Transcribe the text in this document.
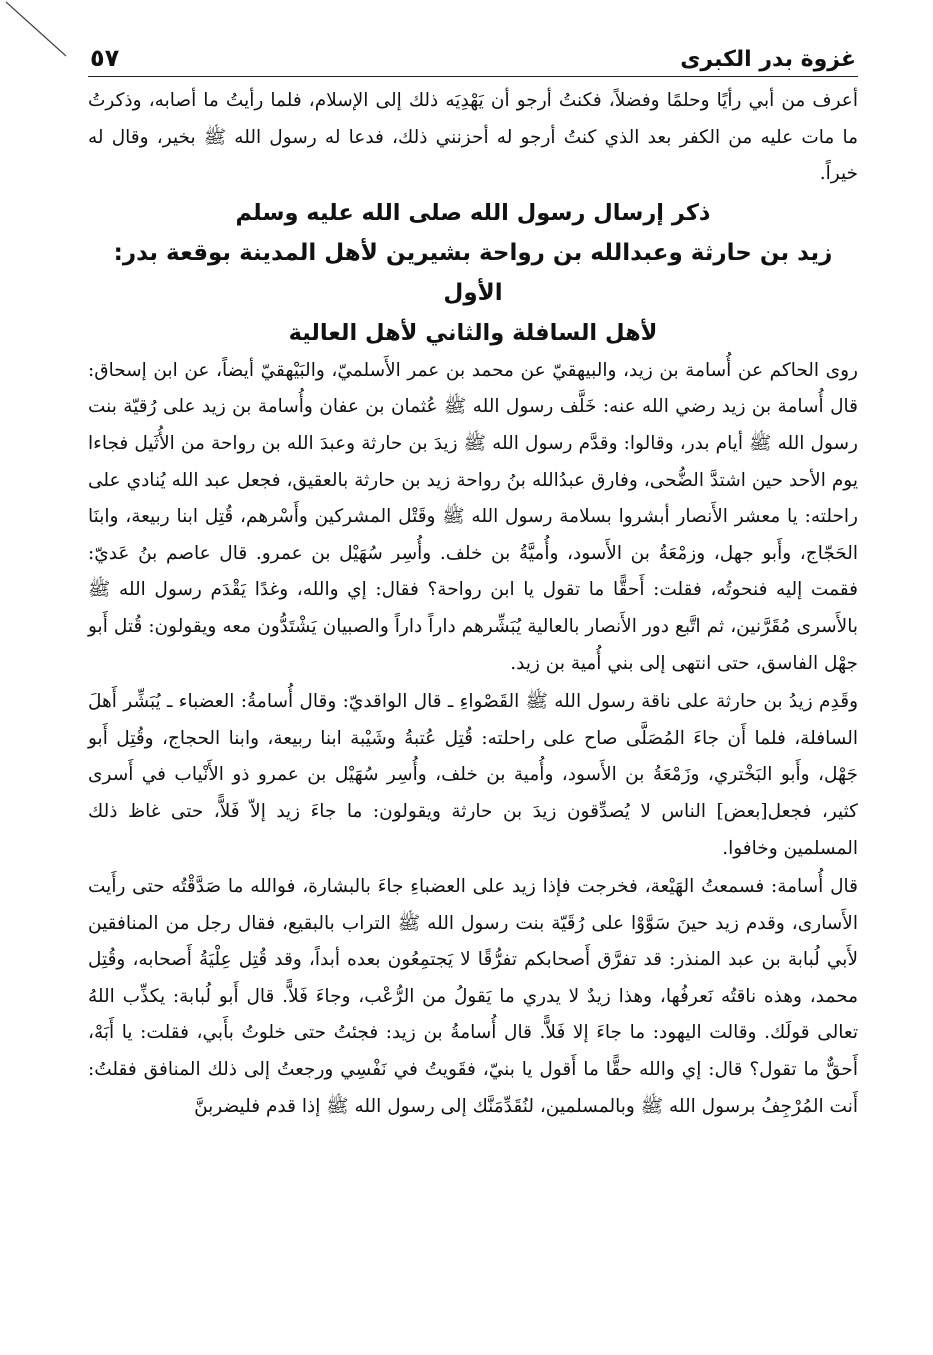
غزوة بدر الكبرى
٥٧

أعرف من أبي رأيًا وحلمًا وفضلاً، فكنتُ أرجو أن يَهْدِيَه ذلك إلى الإسلام، فلما رأيتُ ما أصابه، وذكرتُ ما مات عليه من الكفر بعد الذي كنتُ أرجو له أحزنني ذلك، فدعا له رسول الله ﷺ بخير، وقال له خيراً.

ذكر إرسال رسول الله صلى الله عليه وسلم

زيد بن حارثة وعبدالله بن رواحة بشيرين لأهل المدينة بوقعة بدر: الأول

لأهل السافلة والثاني لأهل العالية

روى الحاكم عن أُسامة بن زيد، والبيهقيّ عن محمد بن عمر الأَسلميّ، والبَيْهقيّ أيضاً، عن ابن إسحاق: قال أُسامة بن زيد رضي الله عنه: خَلَّف رسول الله ﷺ عُثمان بن عفان وأُسامة بن زيد على رُقيّة بنت رسول الله ﷺ أيام بدر، وقالوا: وقدَّم رسول الله ﷺ زيدَ بن حارثة وعبدَ الله بن رواحة من الأُثَيل فجاءا يوم الأحد حين اشتدَّ الضُّحى، وفارق عبدُالله بنُ رواحة زيد بن حارثة بالعقيق، فجعل عبد الله يُنادي على راحلته: يا معشر الأَنصار أبشروا بسلامة رسول الله ﷺ وقَتْل المشركين وأَسْرهم، قُتِل ابنا ربيعة، وابنَا الحَجّاج، وأَبو جهل، وزمْعَةُ بن الأَسود، وأُميَّةُ بن خلف. وأُسِر سُهَيْل بن عمرو. قال عاصم بنُ عَديّ: فقمت إليه فنحوتُه، فقلت: أَحقًّا ما تقول يا ابن رواحة؟ فقال: إي والله، وغدًا يَقْدَم رسول الله ﷺ بالأَسرى مُقَرَّنين، ثم اتَّبع دور الأَنصار بالعالية يُبَشِّرهم داراً داراً والصبيان يَشْتَدُّون معه ويقولون: قُتل أَبو جهْل الفاسق، حتى انتهى إلى بني أُمية بن زيد.

وقَدِم زيدُ بن حارثة على ناقة رسول الله ﷺ القَصْواءِ ـ قال الواقديّ: وقال أُسامةُ: العضباء ـ يُبَشِّر أَهلَ السافلة، فلما أَن جاءَ المُصَلَّى صاح على راحلته: قُتِل عُتبةُ وشَيْبة ابنا ربيعة، وابنا الحجاج، وقُتِل أَبو جَهْل، وأَبو البَخْتري، وزَمْعَةُ بن الأَسود، وأُمية بن خلف، وأُسِر سُهَيْل بن عمرو ذو الأَنْياب في أَسرى كثير، فجعل[بعض] الناس لا يُصدِّقون زيدَ بن حارثة ويقولون: ما جاءَ زيد إلاّ فَلاًّ، حتى غاظ ذلك المسلمين وخافوا.

قال أُسامة: فسمعتُ الهَيْعة، فخرجت فإذا زيد على العضباءِ جاءَ بالبشارة، فوالله ما صَدَّقْتُه حتى رأَيت الأَسارى، وقدم زيد حينَ سَوَّوْا على رُقَيّة بنت رسول الله ﷺ التراب بالبقيع، فقال رجل من المنافقين لأَبي لُبابة بن عبد المنذر: قد تفرَّق أَصحابكم تفرُّقًا لا يَجتمِعُون بعده أبداً، وقد قُتِل عِلْيَةُ أَصحابه، وقُتِل محمد، وهذه ناقتُه نَعرفُها، وهذا زيدٌ لا يدري ما يَقولُ من الرُّعْب، وجاءَ فَلاًّ. قال أَبو لُبابة: يكذِّب اللهُ تعالى قولَك. وقالت اليهود: ما جاءَ إلا فَلاًّ. قال أُسامةُ بن زيد: فجئتُ حتى خلوتُ بأَبي، فقلت: يا أَبَهْ، أَحقٌّ ما تقول؟ قال: إي والله حقًّا ما أَقول يا بنيّ، فقَويتُ في نَفْسِي ورجعتُ إلى ذلك المنافق فقلتُ: أَنت المُرْجِفُ برسول الله ﷺ وبالمسلمين، لنُقَدِّمَنَّك إلى رسول الله ﷺ إذا قدم فليضربنَّ
